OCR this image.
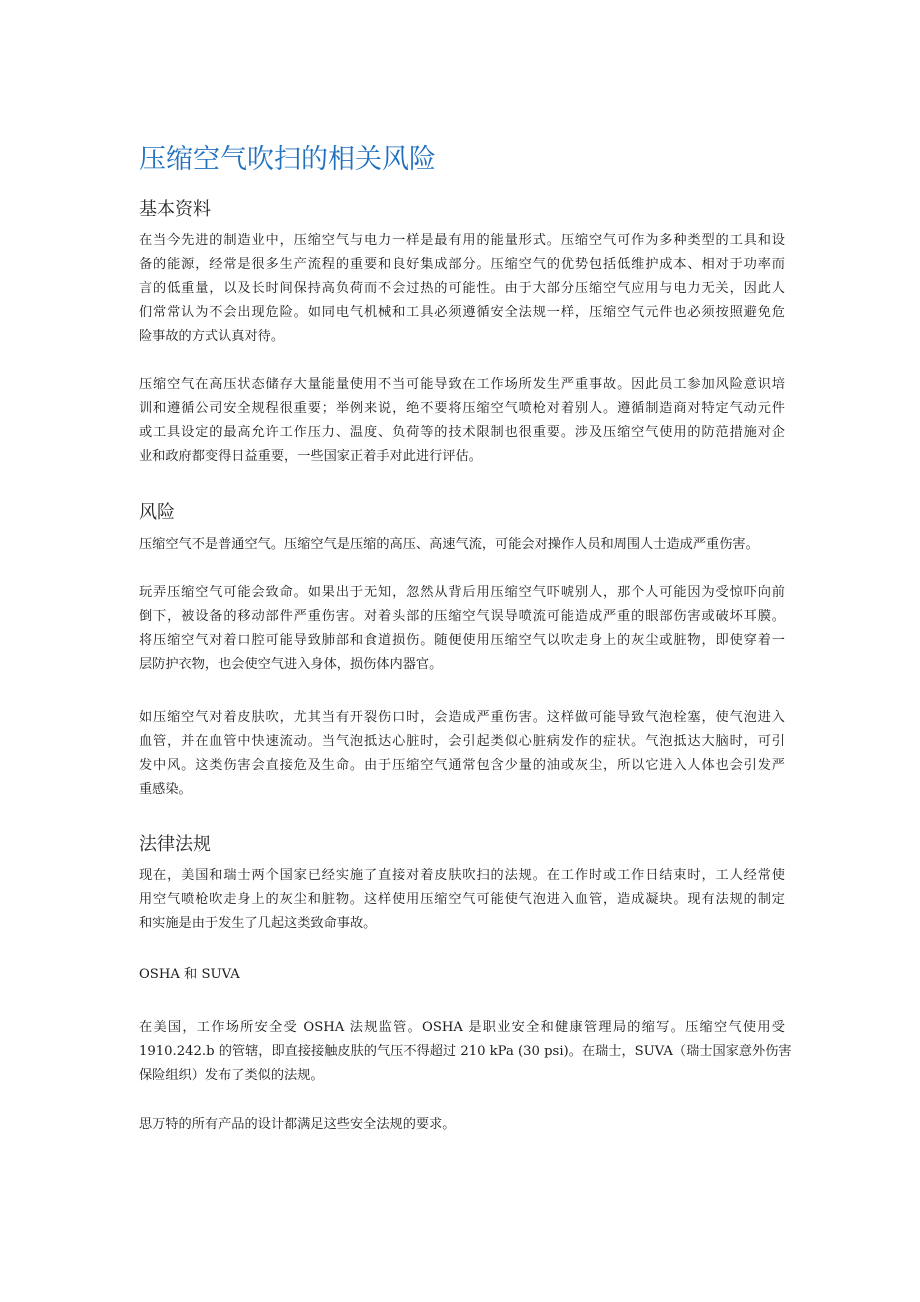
压缩空气吹扫的相关风险
基本资料
在当今先进的制造业中，压缩空气与电力一样是最有用的能量形式。压缩空气可作为多种类型的工具和设
备的能源，经常是很多生产流程的重要和良好集成部分。压缩空气的优势包括低维护成本、相对于功率而
言的低重量，以及长时间保持高负荷而不会过热的可能性。由于大部分压缩空气应用与电力无关，因此人
们常常认为不会出现危险。如同电气机械和工具必须遵循安全法规一样，压缩空气元件也必须按照避免危
险事故的方式认真对待。
压缩空气在高压状态储存大量能量使用不当可能导致在工作场所发生严重事故。因此员工参加风险意识培
训和遵循公司安全规程很重要；举例来说，绝不要将压缩空气喷枪对着别人。遵循制造商对特定气动元件
或工具设定的最高允许工作压力、温度、负荷等的技术限制也很重要。涉及压缩空气使用的防范措施对企
业和政府都变得日益重要，一些国家正着手对此进行评估。
风险
压缩空气不是普通空气。压缩空气是压缩的高压、高速气流，可能会对操作人员和周围人士造成严重伤害。
玩弄压缩空气可能会致命。如果出于无知，忽然从背后用压缩空气吓唬别人，那个人可能因为受惊吓向前
倒下，被设备的移动部件严重伤害。对着头部的压缩空气误导喷流可能造成严重的眼部伤害或破坏耳膜。
将压缩空气对着口腔可能导致肺部和食道损伤。随便使用压缩空气以吹走身上的灰尘或脏物，即使穿着一
层防护衣物，也会使空气进入身体，损伤体内器官。
如压缩空气对着皮肤吹，尤其当有开裂伤口时，会造成严重伤害。这样做可能导致气泡栓塞，使气泡进入
血管，并在血管中快速流动。当气泡抵达心脏时，会引起类似心脏病发作的症状。气泡抵达大脑时，可引
发中风。这类伤害会直接危及生命。由于压缩空气通常包含少量的油或灰尘，所以它进入人体也会引发严
重感染。
法律法规
现在，美国和瑞士两个国家已经实施了直接对着皮肤吹扫的法规。在工作时或工作日结束时，工人经常使
用空气喷枪吹走身上的灰尘和脏物。这样使用压缩空气可能使气泡进入血管，造成凝块。现有法规的制定
和实施是由于发生了几起这类致命事故。
OSHA 和 SUVA
在美国，工作场所安全受 OSHA 法规监管。OSHA 是职业安全和健康管理局的缩写。压缩空气使用受
1910.242.b 的管辖，即直接接触皮肤的气压不得超过 210 kPa (30 psi)。在瑞士，SUVA（瑞士国家意外伤害
保险组织）发布了类似的法规。
思万特的所有产品的设计都满足这些安全法规的要求。
